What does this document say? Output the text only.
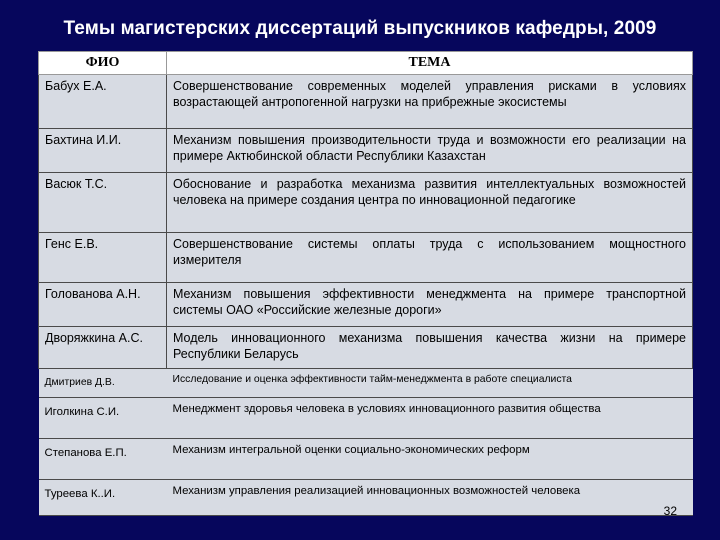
Темы магистерских диссертаций выпускников кафедры, 2009
ФИО	ТЕМА
Бабух Е.А.	Совершенствование современных моделей управления рисками в условиях возрастающей антропогенной нагрузки на прибрежные экосистемы
Бахтина И.И.	Механизм повышения производительности труда и возможности его реализации на примере Актюбинской области Республики Казахстан
Васюк Т.С.	Обоснование и разработка механизма развития интеллектуальных возможностей человека на примере создания центра по инновационной педагогике
Генс Е.В.	Совершенствование системы оплаты труда с использованием мощностного измерителя
Голованова А.Н.	Механизм повышения эффективности менеджмента на примере транспортной системы ОАО «Российские железные дороги»
Дворяжкина А.С.	Модель инновационного механизма повышения качества жизни на примере Республики Беларусь
Дмитриев Д.В.	Исследование и оценка эффективности тайм-менеджмента в работе специалиста
Иголкина С.И.	Менеджмент здоровья человека в условиях инновационного развития общества
Степанова Е.П.	Механизм интегральной оценки социально-экономических реформ
Туреева К..И.	Механизм управления реализацией инновационных возможностей человека
32
